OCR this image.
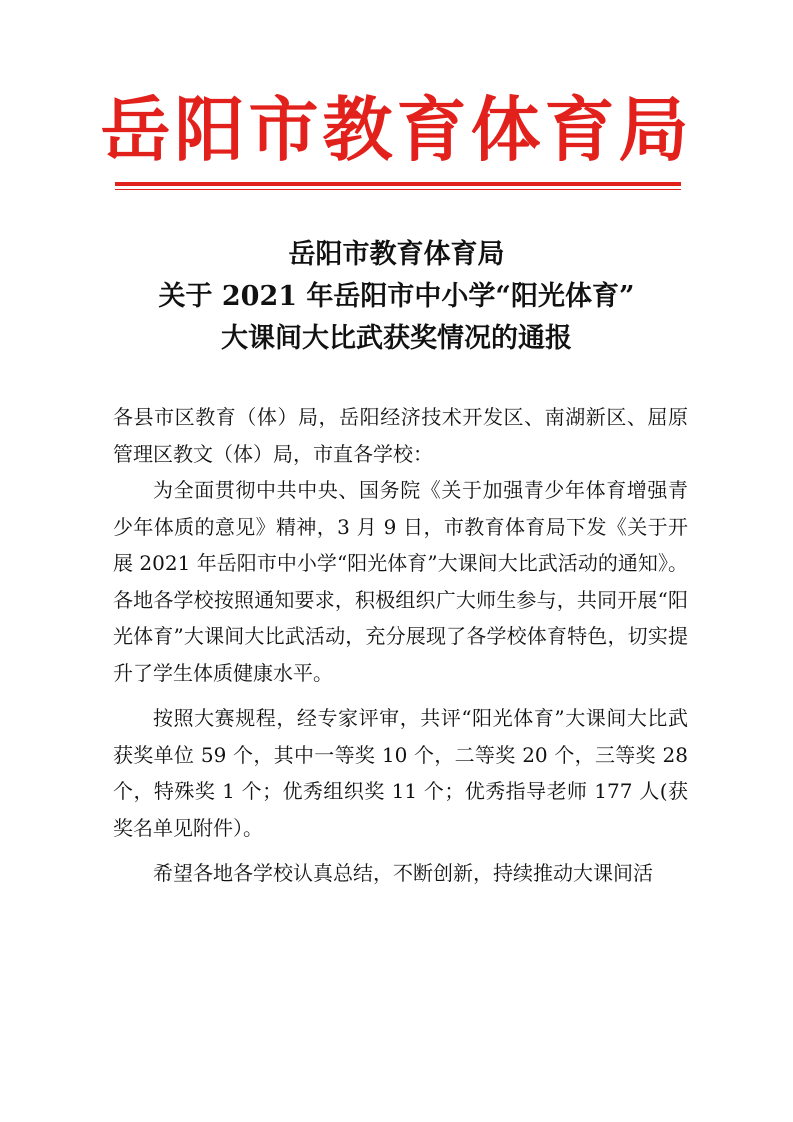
岳阳市教育体育局
岳阳市教育体育局
关于 2021 年岳阳市中小学“阳光体育”
大课间大比武获奖情况的通报

各县市区教育（体）局，岳阳经济技术开发区、南湖新区、屈原管理区教文（体）局，市直各学校：

为全面贯彻中共中央、国务院《关于加强青少年体育增强青少年体质的意见》精神，3 月 9 日，市教育体育局下发《关于开展 2021 年岳阳市中小学“阳光体育”大课间大比武活动的通知》。各地各学校按照通知要求，积极组织广大师生参与，共同开展“阳光体育”大课间大比武活动，充分展现了各学校体育特色，切实提升了学生体质健康水平。

按照大赛规程，经专家评审，共评“阳光体育”大课间大比武获奖单位 59 个，其中一等奖 10 个，二等奖 20 个，三等奖 28 个，特殊奖 1 个；优秀组织奖 11 个；优秀指导老师 177 人(获奖名单见附件）。

希望各地各学校认真总结，不断创新，持续推动大课间活
